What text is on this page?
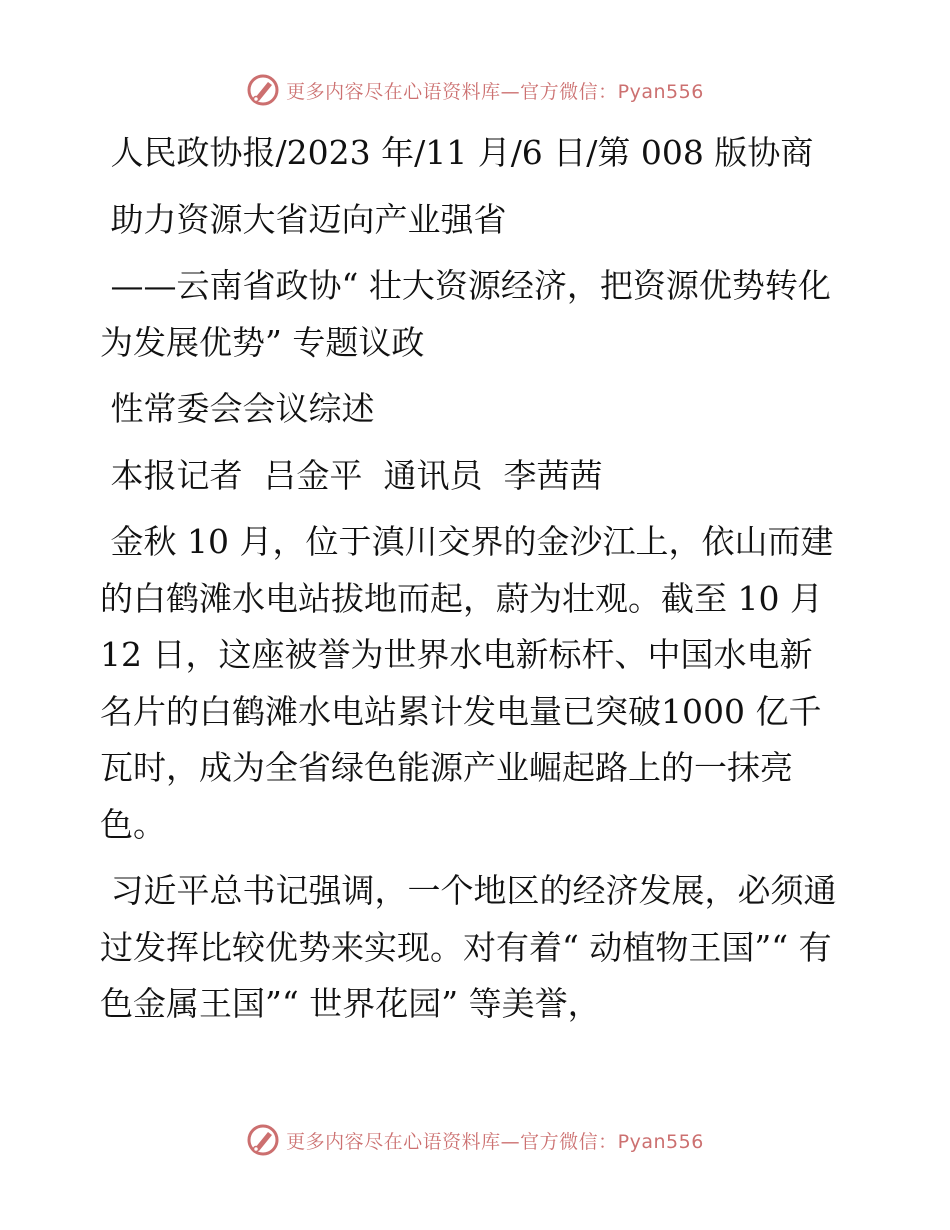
更多内容尽在心语资料库—官方微信：Pyan556
人民政协报/2023 年/11 月/6 日/第 008 版协商
助力资源大省迈向产业强省
——云南省政协“ 壮大资源经济，把资源优势转化为发展优势” 专题议政
性常委会会议综述
本报记者  吕金平  通讯员  李茜茜
金秋 10 月，位于滇川交界的金沙江上，依山而建的白鹤滩水电站拔地而起，蔚为壮观。截至 10 月 12 日，这座被誉为世界水电新标杆、中国水电新名片的白鹤滩水电站累计发电量已突破1000 亿千瓦时，成为全省绿色能源产业崛起路上的一抹亮色。
习近平总书记强调，一个地区的经济发展，必须通过发挥比较优势来实现。对有着“ 动植物王国”“ 有色金属王国”“ 世界花园” 等美誉，
更多内容尽在心语资料库—官方微信：Pyan556
